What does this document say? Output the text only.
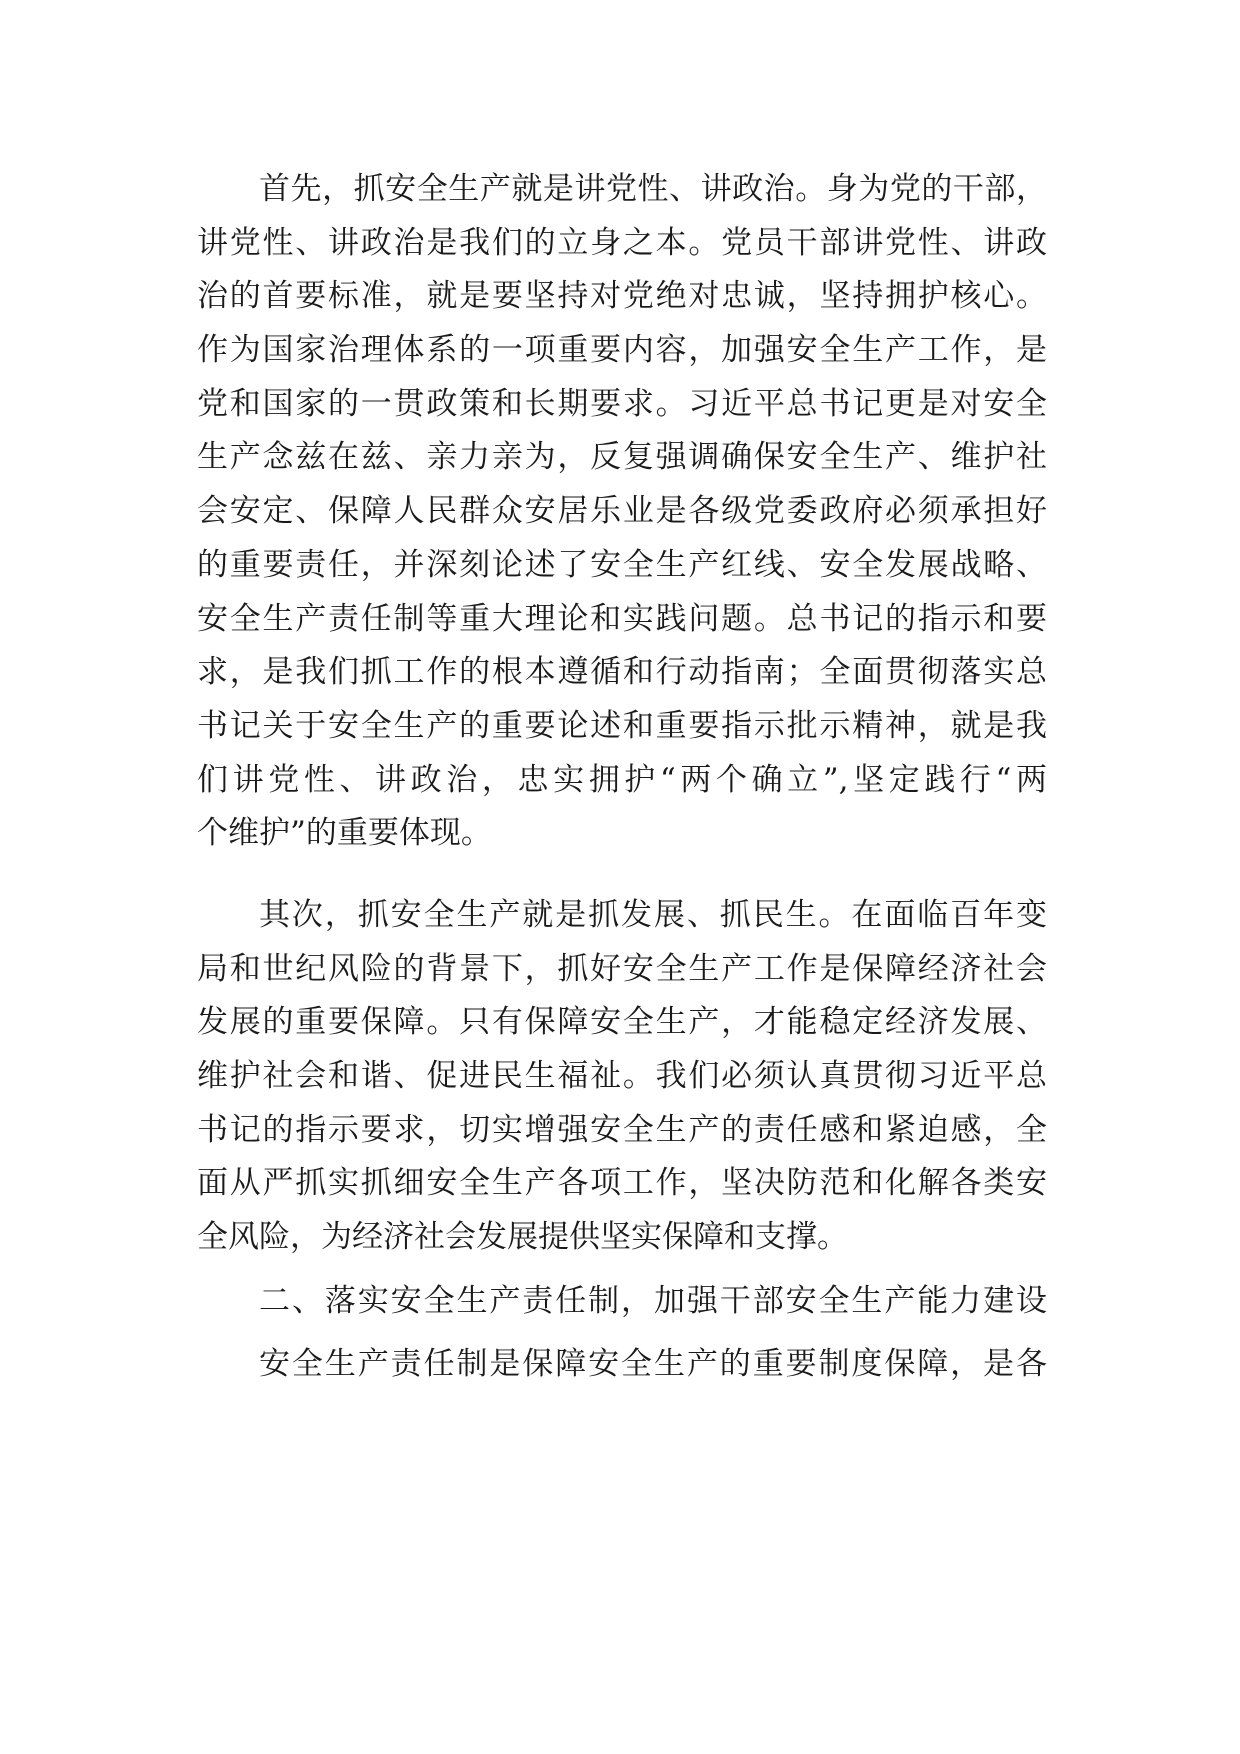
首先，抓安全生产就是讲党性、讲政治。身为党的干部，
讲党性、讲政治是我们的立身之本。党员干部讲党性、讲政
治的首要标准，就是要坚持对党绝对忠诚，坚持拥护核心。
作为国家治理体系的一项重要内容，加强安全生产工作，是
党和国家的一贯政策和长期要求。习近平总书记更是对安全
生产念兹在兹、亲力亲为，反复强调确保安全生产、维护社
会安定、保障人民群众安居乐业是各级党委政府必须承担好
的重要责任，并深刻论述了安全生产红线、安全发展战略、
安全生产责任制等重大理论和实践问题。总书记的指示和要
求，是我们抓工作的根本遵循和行动指南；全面贯彻落实总
书记关于安全生产的重要论述和重要指示批示精神，就是我
们讲党性、讲政治，忠实拥护“两个确立”,坚定践行“两
个维护”的重要体现。
其次，抓安全生产就是抓发展、抓民生。在面临百年变
局和世纪风险的背景下，抓好安全生产工作是保障经济社会
发展的重要保障。只有保障安全生产，才能稳定经济发展、
维护社会和谐、促进民生福祉。我们必须认真贯彻习近平总
书记的指示要求，切实增强安全生产的责任感和紧迫感，全
面从严抓实抓细安全生产各项工作，坚决防范和化解各类安
全风险，为经济社会发展提供坚实保障和支撑。
二、落实安全生产责任制，加强干部安全生产能力建设
安全生产责任制是保障安全生产的重要制度保障，是各
